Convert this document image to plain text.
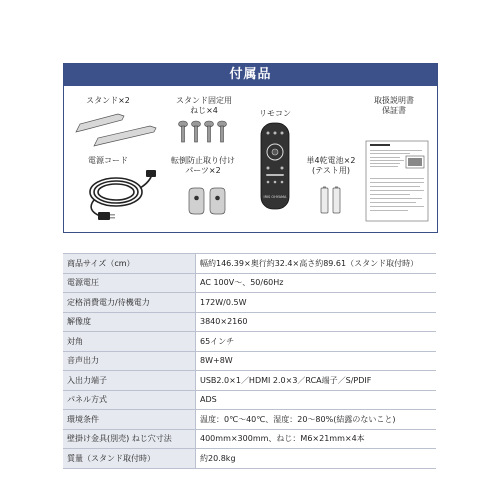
付属品
スタンド×2	スタンド固定用
ねじ×4	リモコン
IRIS OHYAMA
取扱説明書
保証書
電源コード	転倒防止取り付け
パーツ×2
単4乾電池×2
(テスト用)
商品サイズ（cm）	幅約146.39×奥行約32.4×高さ約89.61（スタンド取付時）
電源電圧	AC 100V〜、50/60Hz
定格消費電力/待機電力	172W/0.5W
解像度	3840×2160
対角	65インチ
音声出力	8W+8W
入出力端子	USB2.0×1／HDMI 2.0×3／RCA端子／S/PDIF
パネル方式	ADS
環境条件	温度：0℃〜40℃、湿度：20〜80%(結露のないこと)
壁掛け金具(別売) ねじ穴寸法	400mm×300mm、ねじ：M6×21mm×4本
質量（スタンド取付時）	約20.8kg
